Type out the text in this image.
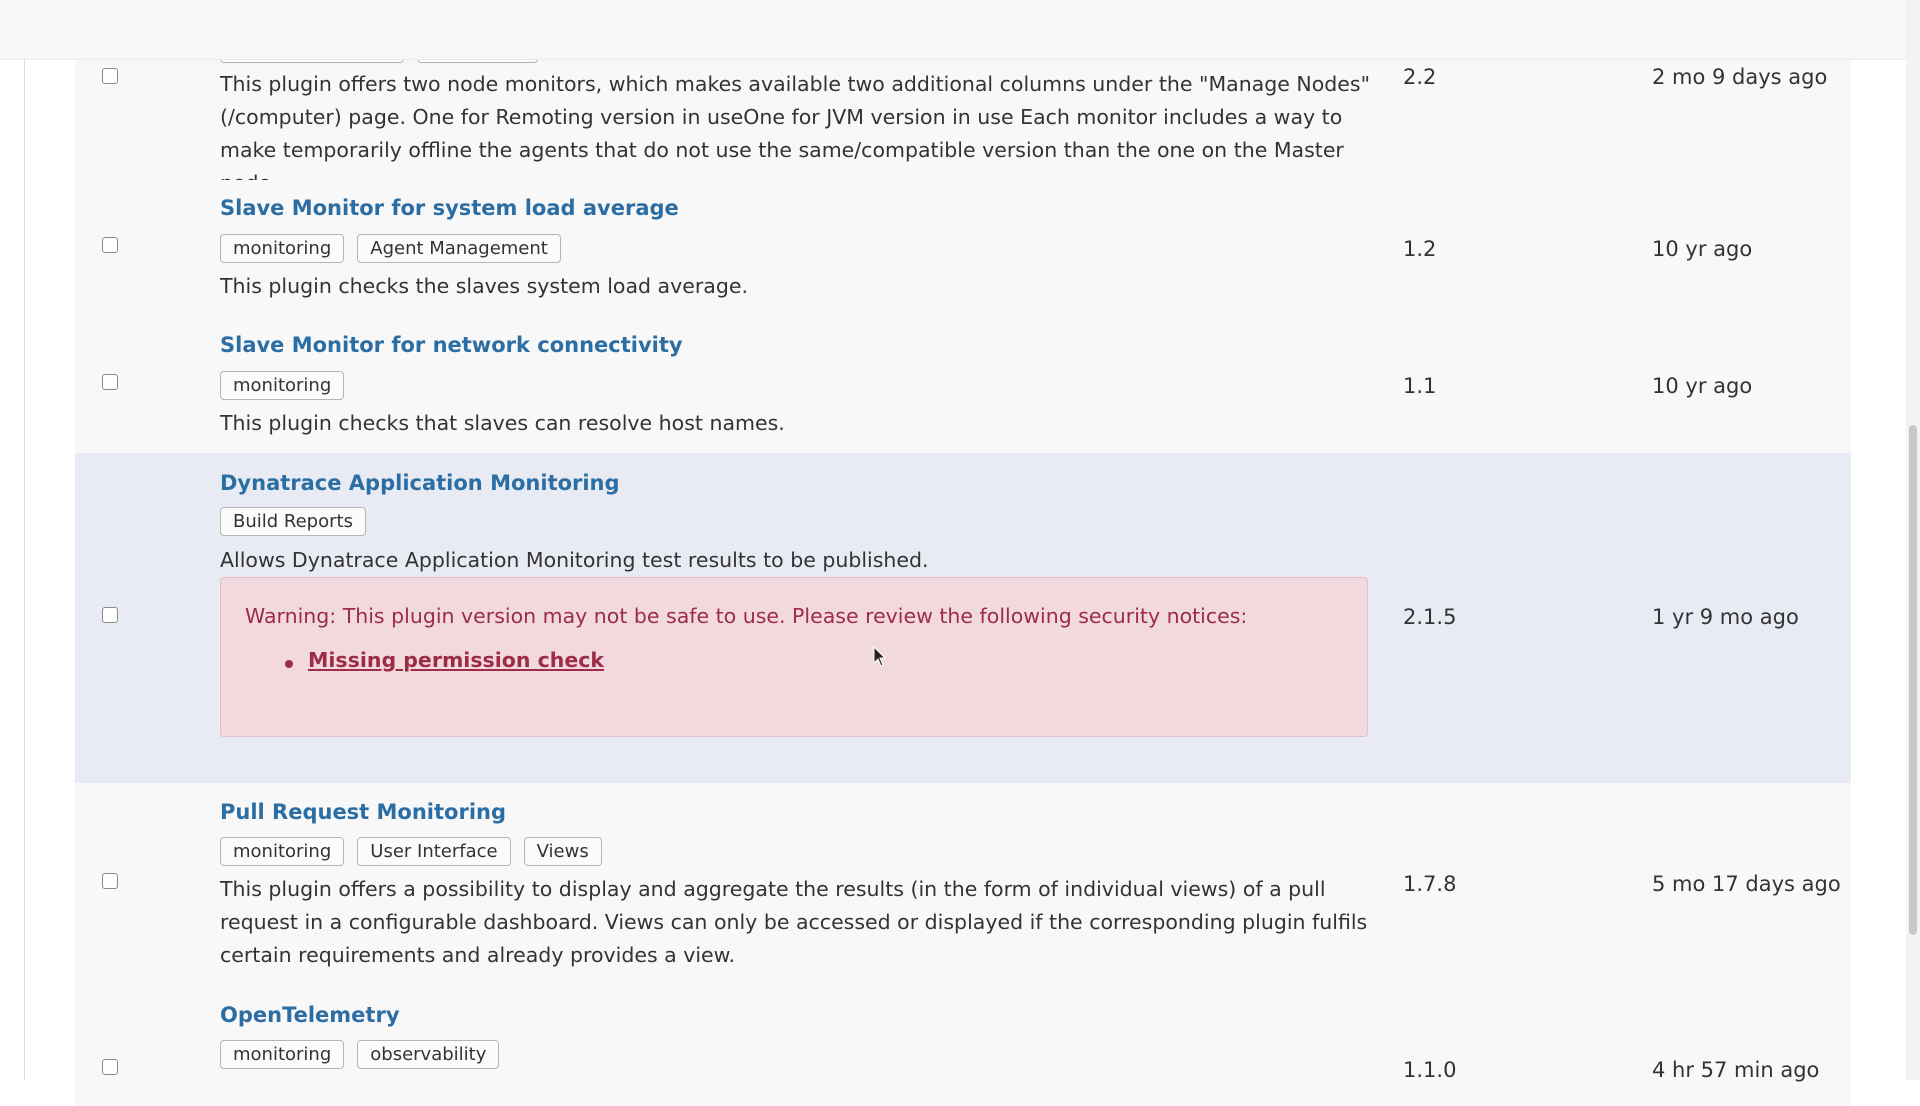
This plugin offers two node monitors, which makes available two additional columns under the "Manage Nodes" (/computer) page. One for Remoting version in useOne for JVM version in use Each monitor includes a way to make temporarily offline the agents that do not use the same/compatible version than the one on the Master
2.2	2 mo 9 days ago
Slave Monitor for system load average
monitoring	Agent Management
This plugin checks the slaves system load average.
1.2	10 yr ago
Slave Monitor for network connectivity
monitoring
This plugin checks that slaves can resolve host names.
1.1	10 yr ago
Dynatrace Application Monitoring
Build Reports
Allows Dynatrace Application Monitoring test results to be published.
Warning: This plugin version may not be safe to use. Please review the following security notices:
Missing permission check
2.1.5	1 yr 9 mo ago
Pull Request Monitoring
monitoring	User Interface	Views
This plugin offers a possibility to display and aggregate the results (in the form of individual views) of a pull request in a configurable dashboard. Views can only be accessed or displayed if the corresponding plugin fulfils certain requirements and already provides a view.
1.7.8	5 mo 17 days ago
OpenTelemetry
monitoring	observability
1.1.0	4 hr 57 min ago
